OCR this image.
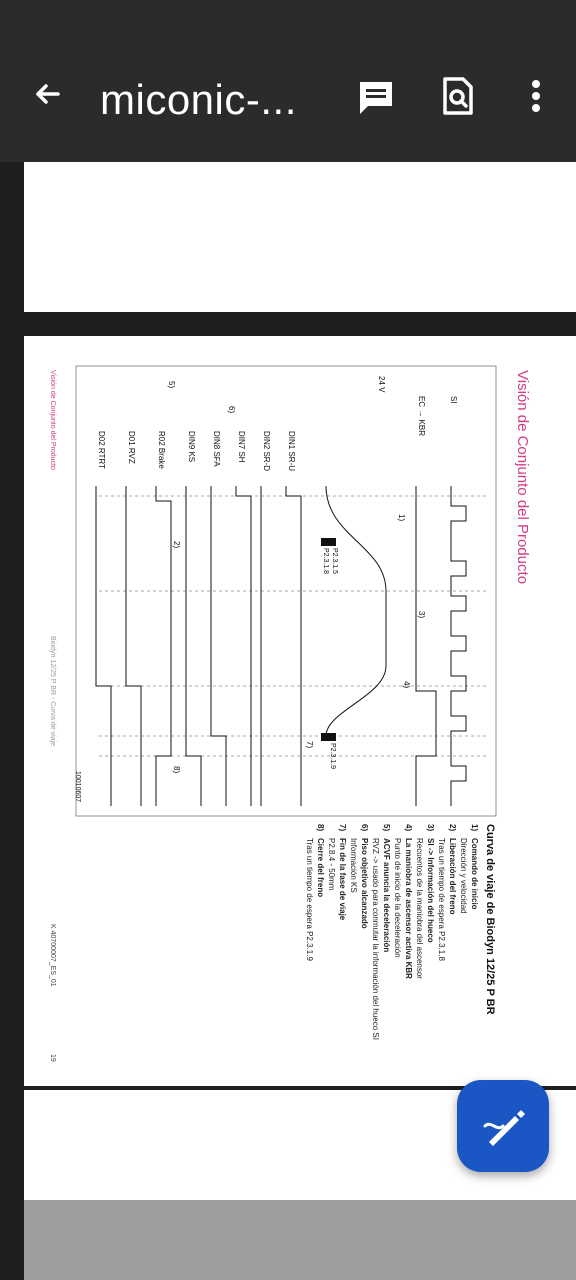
miconic-...
Visión de Conjunto del Producto
SI
EC → KBR
24 V
DIN1 SR-U
DIN2 SR-D
DIN7 SH
DIN8 SFA
DIN9 KS
R02 Brake
D01 RVZ
D02 RTRT
1)
2)
3)
4)
5)
6)
7)
8)
P2.3.1.5
P2.3.1.8
P2.3.1.9
10010607
Curva de viaje de Biodyn 12/25 P BR
1)
Comando de inicio
Dirección y velocidad
2)
Liberación del freno
Tras un tiempo de espera P2.3.1.8
3)
SI -> Información del hueco
Recuentos de la maniobra del ascensor
4)
La maniobra de ascensor activa KBR
Punto de inicio de la deceleración
5)
ACVF anuncia la deceleración
RVZ -> usado para conmutar la información del hueco SI
6)
Piso objetivo alcanzado
Información KS
7)
Fin de la fase de viaje
P2.8.4 - 50mm
8)
Cierre del freno
Tras un tiempo de espera P2.3.1.9
Visión de Conjunto del Producto
Biodyn 12/25 P BR - Curva de viaje
K 40700007_ES_01
19
